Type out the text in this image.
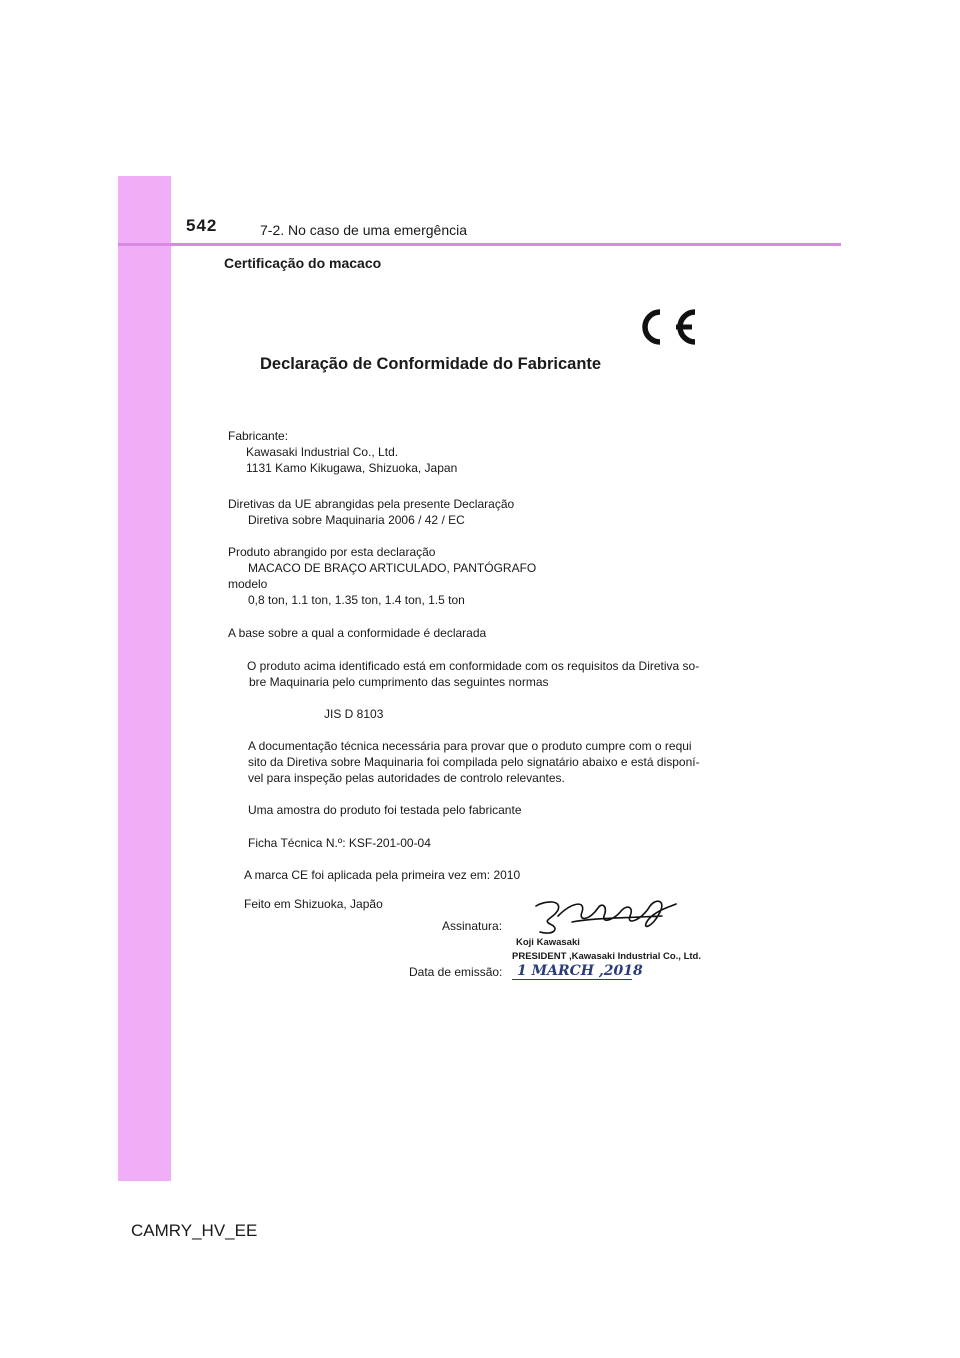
542	7-2. No caso de uma emergência
Certificação do macaco
Declaração de Conformidade do Fabricante
Fabricante:
Kawasaki Industrial Co., Ltd.
1131 Kamo Kikugawa, Shizuoka, Japan
Diretivas da UE abrangidas pela presente Declaração
Diretiva sobre Maquinaria 2006 / 42 / EC
Produto abrangido por esta declaração
MACACO DE BRAÇO ARTICULADO, PANTÓGRAFO
modelo
0,8 ton, 1.1 ton, 1.35 ton, 1.4 ton, 1.5 ton
A base sobre a qual a conformidade é declarada
O produto acima identificado está em conformidade com os requisitos da Diretiva so-
bre Maquinaria pelo cumprimento das seguintes normas
JIS D 8103
A documentação técnica necessária para provar que o produto cumpre com o requi
sito da Diretiva sobre Maquinaria foi compilada pelo signatário abaixo e está disponí-
vel para inspeção pelas autoridades de controlo relevantes.
Uma amostra do produto foi testada pelo fabricante
Ficha Técnica N.º: KSF-201-00-04
A marca CE foi aplicada pela primeira vez em: 2010
Feito em Shizuoka, Japão
Assinatura:
Koji Kawasaki
PRESIDENT ,Kawasaki Industrial Co., Ltd.
Data de emissão: 1 MARCH ,2018
CAMRY_HV_EE
